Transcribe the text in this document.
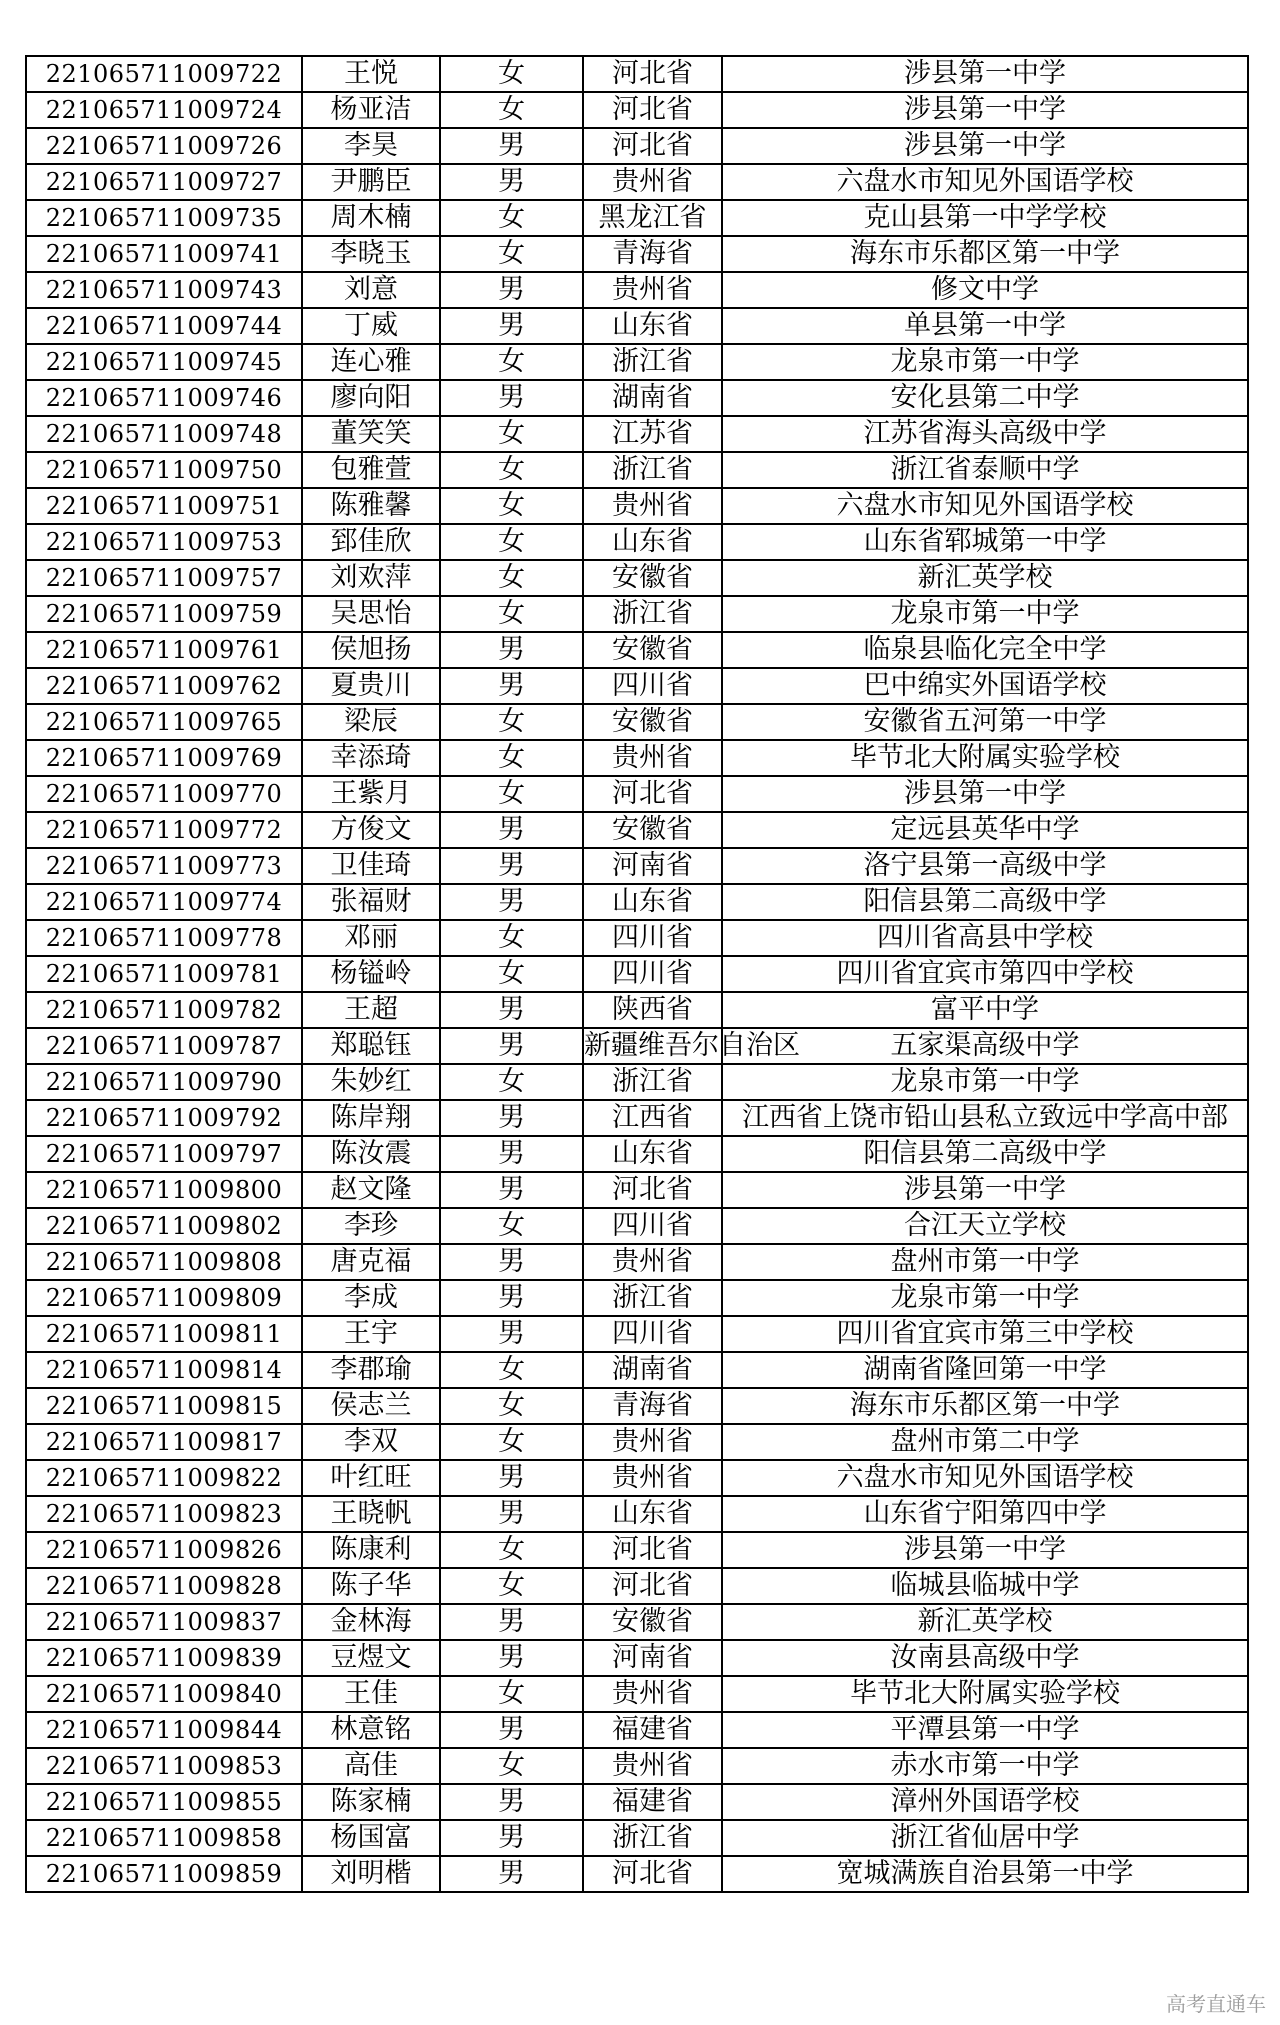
221065711009722	王悦	女	河北省	涉县第一中学
221065711009724	杨亚洁	女	河北省	涉县第一中学
221065711009726	李昊	男	河北省	涉县第一中学
221065711009727	尹鹏臣	男	贵州省	六盘水市知见外国语学校
221065711009735	周木楠	女	黑龙江省	克山县第一中学学校
221065711009741	李晓玉	女	青海省	海东市乐都区第一中学
221065711009743	刘意	男	贵州省	修文中学
221065711009744	丁威	男	山东省	单县第一中学
221065711009745	连心雅	女	浙江省	龙泉市第一中学
221065711009746	廖向阳	男	湖南省	安化县第二中学
221065711009748	董笑笑	女	江苏省	江苏省海头高级中学
221065711009750	包雅萱	女	浙江省	浙江省泰顺中学
221065711009751	陈雅馨	女	贵州省	六盘水市知见外国语学校
221065711009753	郅佳欣	女	山东省	山东省郓城第一中学
221065711009757	刘欢萍	女	安徽省	新汇英学校
221065711009759	吴思怡	女	浙江省	龙泉市第一中学
221065711009761	侯旭扬	男	安徽省	临泉县临化完全中学
221065711009762	夏贵川	男	四川省	巴中绵实外国语学校
221065711009765	梁辰	女	安徽省	安徽省五河第一中学
221065711009769	幸添琦	女	贵州省	毕节北大附属实验学校
221065711009770	王紫月	女	河北省	涉县第一中学
221065711009772	方俊文	男	安徽省	定远县英华中学
221065711009773	卫佳琦	男	河南省	洛宁县第一高级中学
221065711009774	张福财	男	山东省	阳信县第二高级中学
221065711009778	邓丽	女	四川省	四川省高县中学校
221065711009781	杨镒岭	女	四川省	四川省宜宾市第四中学校
221065711009782	王超	男	陕西省	富平中学
221065711009787	郑聪钰	男	新疆维吾尔自治区	五家渠高级中学
221065711009790	朱妙红	女	浙江省	龙泉市第一中学
221065711009792	陈岸翔	男	江西省	江西省上饶市铅山县私立致远中学高中部
221065711009797	陈汝震	男	山东省	阳信县第二高级中学
221065711009800	赵文隆	男	河北省	涉县第一中学
221065711009802	李珍	女	四川省	合江天立学校
221065711009808	唐克福	男	贵州省	盘州市第一中学
221065711009809	李成	男	浙江省	龙泉市第一中学
221065711009811	王宇	男	四川省	四川省宜宾市第三中学校
221065711009814	李郡瑜	女	湖南省	湖南省隆回第一中学
221065711009815	侯志兰	女	青海省	海东市乐都区第一中学
221065711009817	李双	女	贵州省	盘州市第二中学
221065711009822	叶红旺	男	贵州省	六盘水市知见外国语学校
221065711009823	王晓帆	男	山东省	山东省宁阳第四中学
221065711009826	陈康利	女	河北省	涉县第一中学
221065711009828	陈子华	女	河北省	临城县临城中学
221065711009837	金林海	男	安徽省	新汇英学校
221065711009839	豆煜文	男	河南省	汝南县高级中学
221065711009840	王佳	女	贵州省	毕节北大附属实验学校
221065711009844	林意铭	男	福建省	平潭县第一中学
221065711009853	高佳	女	贵州省	赤水市第一中学
221065711009855	陈家楠	男	福建省	漳州外国语学校
221065711009858	杨国富	男	浙江省	浙江省仙居中学
221065711009859	刘明楷	男	河北省	宽城满族自治县第一中学
高考直通车
